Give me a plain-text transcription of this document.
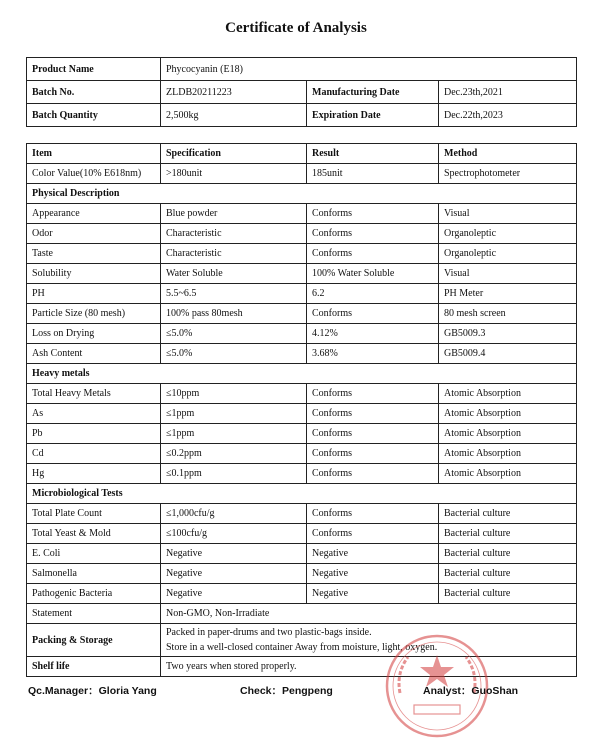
Certificate of Analysis
Product Name	Phycocyanin (E18)		
Batch No.	ZLDB20211223	Manufacturing Date	Dec.23th,2021
Batch Quantity	2,500kg	Expiration Date	Dec.22th,2023
Item	Specification	Result	Method
Color Value(10% E618nm)	>180unit	185unit	Spectrophotometer
Physical Description			
Appearance	Blue powder	Conforms	Visual
Odor	Characteristic	Conforms	Organoleptic
Taste	Characteristic	Conforms	Organoleptic
Solubility	Water Soluble	100% Water Soluble	Visual
PH	5.5~6.5	6.2	PH Meter
Particle Size (80 mesh)	100% pass 80mesh	Conforms	80 mesh screen
Loss on Drying	≤5.0%	4.12%	GB5009.3
Ash Content	≤5.0%	3.68%	GB5009.4
Heavy metals			
Total Heavy Metals	≤10ppm	Conforms	Atomic Absorption
As	≤1ppm	Conforms	Atomic Absorption
Pb	≤1ppm	Conforms	Atomic Absorption
Cd	≤0.2ppm	Conforms	Atomic Absorption
Hg	≤0.1ppm	Conforms	Atomic Absorption
Microbiological Tests			
Total Plate Count	≤1,000cfu/g	Conforms	Bacterial culture
Total Yeast & Mold	≤100cfu/g	Conforms	Bacterial culture
E. Coli	Negative	Negative	Bacterial culture
Salmonella	Negative	Negative	Bacterial culture
Pathogenic Bacteria	Negative	Negative	Bacterial culture
Statement	Non-GMO, Non-Irradiate		
Packing & Storage	Packed in paper-drums and two plastic-bags inside.
Store in a well-closed container Away from moisture, light, oxygen.		

Shelf life	Two years when stored properly.		
Qc.Manager：Gloria Yang	Check：Pengpeng	Analyst：GuoShan
